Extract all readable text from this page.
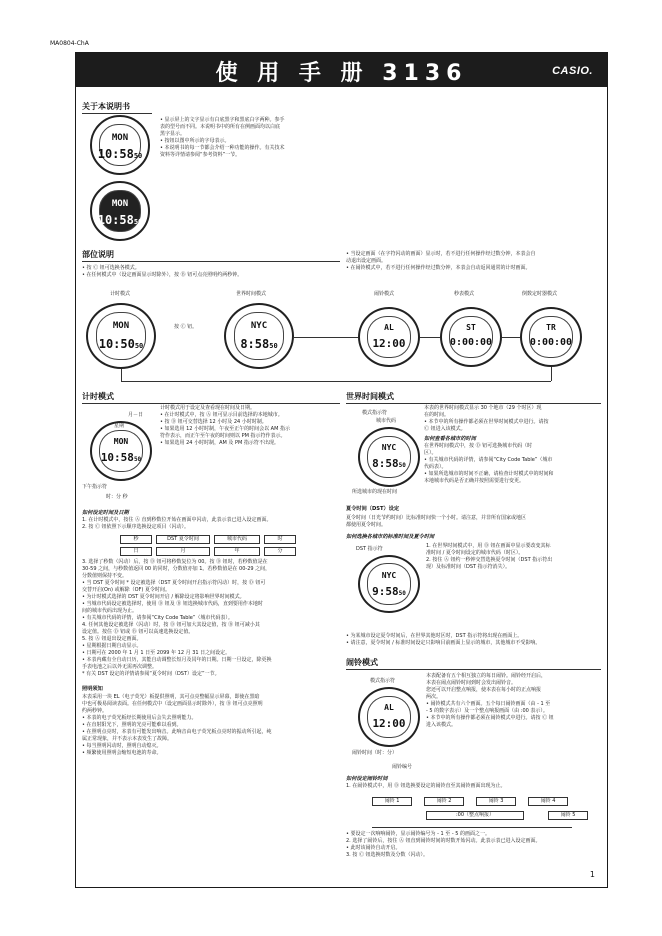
MA0804-ChA
使 用 手 册 3136	CASIO.
关于本说明书
MON
10:5850
MON
10:5850
• 显示屏上的文字显示有白底黑字和黑底白字两种。参手
表的型号而不同。本说明书中的所有在例画面均以白底
黑字显示。
• 按钮以图中所示的字母表示。
• 本说明书的每一节都会介绍一种功能的操作。有关技术
资料等详情请参阅“参考资料”一节。
部位说明
• 按 Ⓒ 钮可选换各模式。
• 在任何模式中（设定画面显示时除外），按 Ⓑ 钮可点亮照明约两秒钟。
• 当设定画面（在字符闪动的画面）显示时，若不进行任何操作经过数分钟，本表会自
动退出设定画面。
• 在闹铃模式中，若不进行任何操作经过数分钟，本表会自动返回通常的计时画面。
计时模式	世界时间模式	闹铃模式	秒表模式	倒数定时器模式
MON
10:5050
按 Ⓒ 钮。	NYC
8:5850
AL
12:00
ST
0:00:00
TR
0:00:00
计时模式
MON
10:5850
月－日
星期
下午指示符
时：分 秒
计时模式用于设定及查看现在时间及日期。
• 在计时模式中，按 Ⓐ 钮可显示目前选择的本地城市。
• 按 Ⓓ 钮可交替选择 12 小时及 24 小时时制。
• 如果选用 12 小时时制，午夜至正午的时间会以 AM 指示
符作表示，而正午至午夜的时间则以 PM 指示符作表示。
• 如果选用 24 小时时制，AM 及 PM 指示符不出现。
如何设定时间及日期
1. 在计时模式中，按住 Ⓐ 直到秒数位开始在画面中闪动，此表示表已进入设定画面。
2. 按 Ⓒ 钮依照下示顺序选换设定项目（闪动）。
秒	DST 夏令时间	城市代码	时
日	月	年	分
3. 选择了秒数（闪动）后，按 Ⓓ 钮可将秒数复位为 00。按 Ⓓ 钮时，若秒数值是在
30-59 之间，与秒数值返回 00 的同时，分数值亦加 1。若秒数值是在 00-29 之间，
分数值则保持不变。
• 当 DST 夏令时间 * 设定被选择（DST 夏令时间开启指示符闪动）时，按 Ⓓ 钮可
交替开启(On) 或解除（OF) 夏令时间。
• 为计时模式选择的 DST 夏令时间开启 / 解除设定将影响世界时间模式。
• 当城市代码设定被选择时，使用 Ⓓ 钮及 Ⓑ 钮选换城市代码，直到要用作本地时
间的城市代码出现为止。
• 有关城市代码的详情，请参阅“City Code Table”（城市代码表）。
4. 任何其他设定被选择（闪动）时，按 Ⓓ 钮可加大其设定值，按 Ⓑ 钮可减小其
设定值。按住 Ⓓ 钮或 Ⓑ 钮可以高速选换设定值。
5. 按 Ⓐ 钮退出设定画面。
• 星期根据日期自动显示。
• 日期可在 2000 年 1 月 1 日至 2099 年 12 月 31 日之间设定。
• 本表内藏有全自动日历，其能自动调整长短月及闰年的日期。日期一旦设定，除更换
手表电池之后以外无需再次调整。
* 有关 DST 设定的详情请参阅“夏令时间（DST）设定”一节。
照明须知
本表采用一块 EL（电子荧光）板提供照明，其可点亮整幅显示屏幕，即使在黑暗
中也可极易阅读表面。在任何模式中（设定画面显示时除外），按 Ⓑ 钮可点亮照明
约两秒钟。
• 本表的电子荧光板经长期使用后会失去照明能力。
• 在直射阳光下，照明的光亮可能难以看到。
• 在照明点亮时，本表有可能发出响音。此响音由电子荧光板点亮时的振动所引起，纯
属正常现象，并不表示本表发生了故障。
• 每当照明闪动时，照明自动熄灭。
• 频繁使用照明会缩短电池的寿命。
世界时间模式
模式指示符
城市代码
NYC
8:5850
所选城市的现在时间
本表的世界时间模式显示 30 个地市（29 个时区）现
在的时间。
• 本节中的所有操作都必须在世界时间模式中进行。请按
Ⓒ 钮进入该模式。
如何查看各城市的时间
在世界时间模式中，按 Ⓓ 钮可选换城市代码（时
区）。
• 有关城市代码的详情，请参阅“City Code Table”（城市
代码表）。
• 如果所选城市的时间不正确，请检查计时模式中的时间和
本地城市代码是否正确并按照需要进行变更。
夏令时间（DST）设定
夏令时间（日光节约时间）比标准时间快一个小时。请注意，并非所有国家或地区
都使用夏令时间。
如何选换各城市的标准时间及夏令时间
DST 指示符
NYC
9:5850
1. 在世界时间模式中，用 Ⓓ 钮在画面中显示要改变其标
准时间 / 夏令时间设定的城市代码（时区）。
2. 按住 Ⓐ 钮约一秒钟交替选换夏令时间（DST 指示符出
现）及标准时间（DST 指示符消失）。
• 为某城市设定夏令时间后，在世界其他时区时，DST 指示符将出现在画面上。
• 请注意，夏令时间 / 标准时间设定只影响目前画面上显示的城市，其他城市不受影响。
闹铃模式
模式指示符
AL
12:00
闹铃时间（时：分）
闹铃编号
本表配备有五个相互独立的每日闹铃。闹铃经开启后，
本表在闹点闹铃时间到时会发出闹铃音。
您还可以开启整点响报，使本表在每小时的正点响报
两次。
• 闹铃模式共有六个画面。五个每日闹铃画面（由 - 1 至
- 5 的数字表示）及一个整点响报画面（由 :00 表示）。
• 本节中的所有操作都必须在闹铃模式中进行。请按 Ⓒ 钮
进入该模式。
如何设定闹铃时间
1. 在闹铃模式中，用 Ⓓ 钮选换要设定的闹铃直至其闹铃画面出现为止。
闹铃 1	闹铃 2	闹铃 3	闹铃 4
:00（整点响报）	闹铃 5
• 要设定一次响响闹铃，显示闹铃编号为 - 1 至 - 5 的画面之一。
2. 选择了闹铃后，按住 Ⓐ 钮直到闹铃时间的时数开始闪动。此表示表已进入设定画面。
• 此时该闹铃自动开启。
3. 按 Ⓒ 钮选换时数及分数（闪动）。
1
